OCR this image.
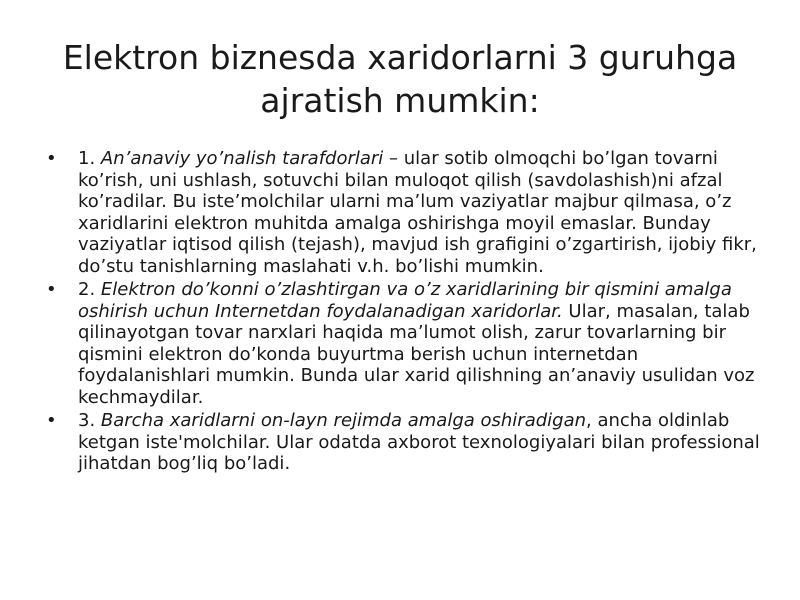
Elektron biznesda xaridorlarni 3 guruhga ajratish mumkin:
• 1. An’anaviy yo’nalish tarafdorlari – ular sotib olmoqchi bo’lgan tovarni ko’rish, uni ushlash, sotuvchi bilan muloqot qilish (savdolashish)ni afzal ko’radilar. Bu iste’molchilar ularni ma’lum vaziyatlar majbur qilmasa, o’z xaridlarini elektron muhitda amalga oshirishga moyil emaslar. Bunday vaziyatlar iqtisod qilish (tejash), mavjud ish grafigini o’zgartirish, ijobiy fikr, do’stu tanishlarning maslahati v.h. bo’lishi mumkin.
• 2. Elektron do’konni o’zlashtirgan va o’z xaridlarining bir qismini amalga oshirish uchun Internetdan foydalanadigan xaridorlar. Ular, masalan, talab qilinayotgan tovar narxlari haqida ma’lumot olish, zarur tovarlarning bir qismini elektron do’konda buyurtma berish uchun internetdan foydalanishlari mumkin. Bunda ular xarid qilishning an’anaviy usulidan voz kechmaydilar.
• 3. Barcha xaridlarni on-layn rejimda amalga oshiradigan, ancha oldinlab ketgan iste'molchilar. Ular odatda axborot texnologiyalari bilan professional jihatdan bog’liq bo’ladi.
